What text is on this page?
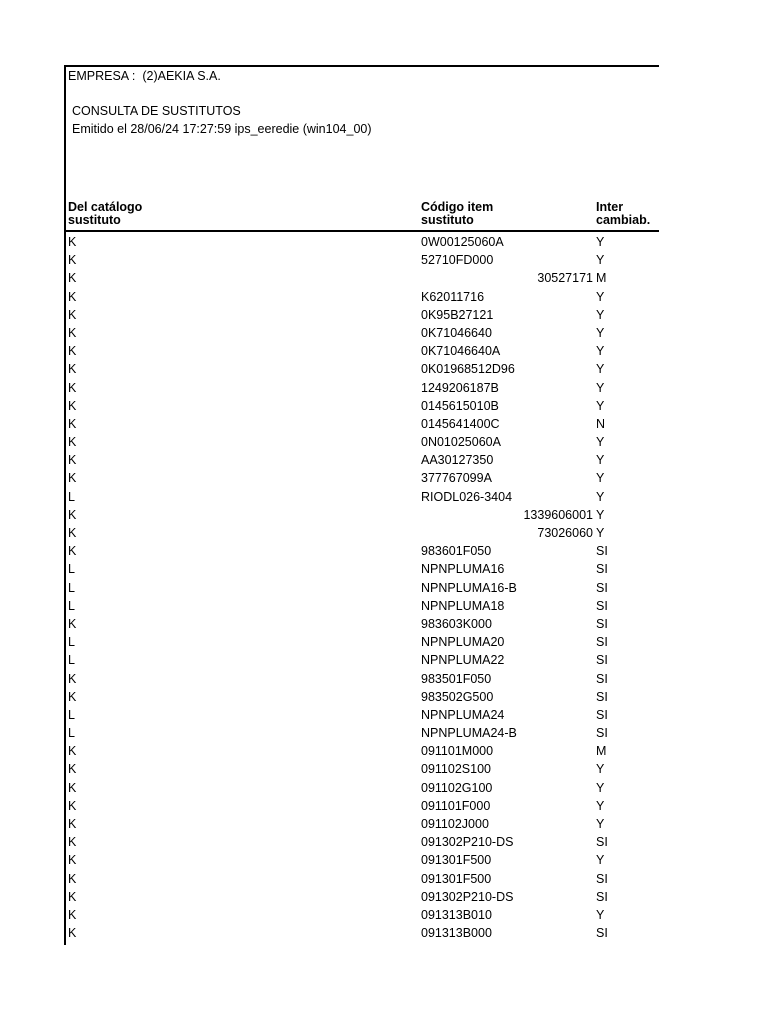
EMPRESA :  (2)AEKIA S.A.
CONSULTA DE SUSTITUTOS
Emitido el 28/06/24 17:27:59 ips_eeredie (win104_00)
Del catálogo
sustituto
Código item
sustituto
Inter
cambiab.
K	0W00125060A	Y
K	52710FD000	Y
K	30527171 M
K	K62011716	Y
K	0K95B27121	Y
K	0K71046640	Y
K	0K71046640A	Y
K	0K01968512D96	Y
K	1249206187B	Y
K	0145615010B	Y
K	0145641400C	N
K	0N01025060A	Y
K	AA30127350	Y
K	377767099A	Y
L	RIODL026-3404	Y
K	1339606001 Y
K	73026060 Y
K	983601F050	SI
L	NPNPLUMA16	SI
L	NPNPLUMA16-B	SI
L	NPNPLUMA18	SI
K	983603K000	SI
L	NPNPLUMA20	SI
L	NPNPLUMA22	SI
K	983501F050	SI
K	983502G500	SI
L	NPNPLUMA24	SI
L	NPNPLUMA24-B	SI
K	091101M000	M
K	091102S100	Y
K	091102G100	Y
K	091101F000	Y
K	091102J000	Y
K	091302P210-DS	SI
K	091301F500	Y
K	091301F500	SI
K	091302P210-DS	SI
K	091313B010	Y
K	091313B000	SI
